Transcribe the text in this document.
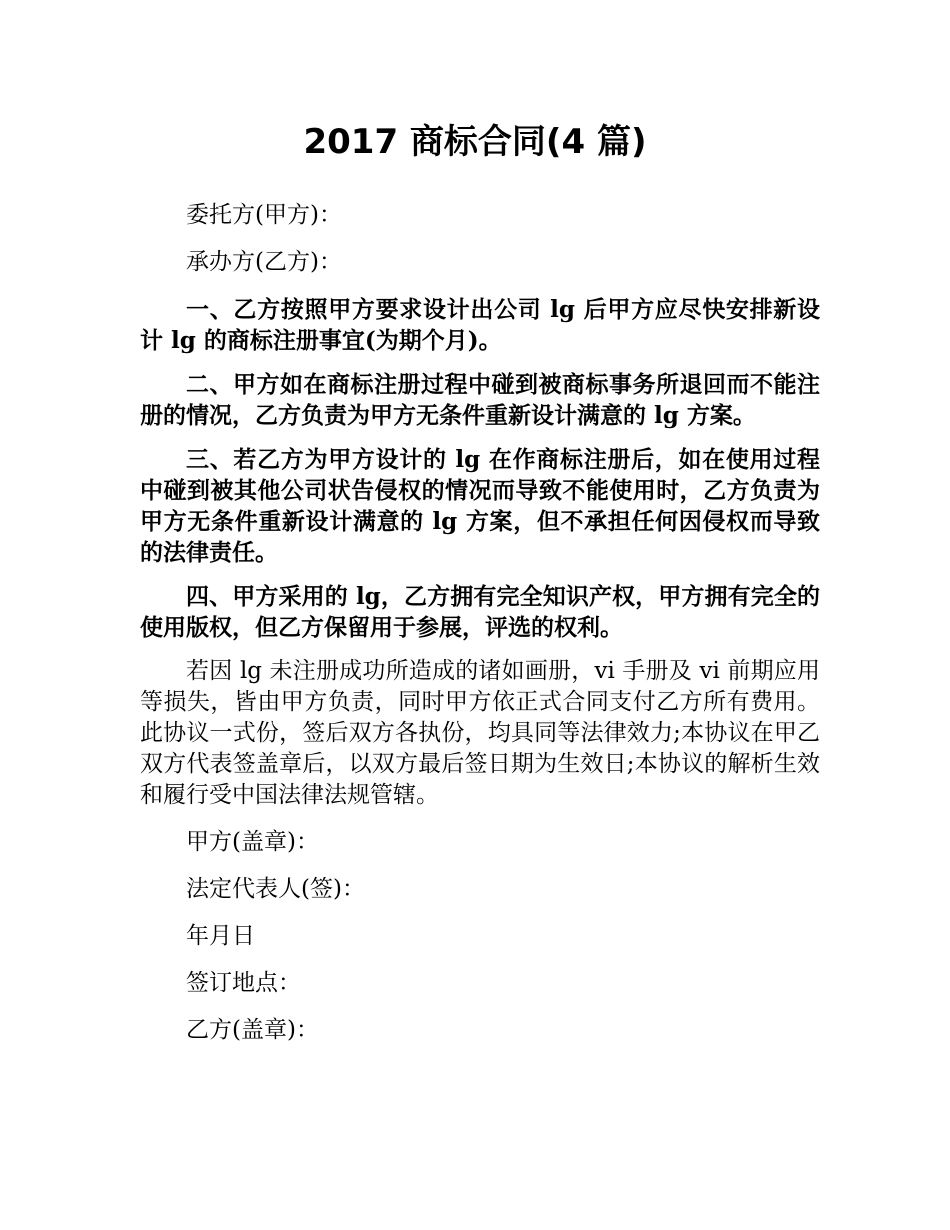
2017 商标合同(4 篇)

委托方(甲方)：

承办方(乙方)：

一、乙方按照甲方要求设计出公司 lg 后甲方应尽快安排新设计 lg 的商标注册事宜(为期个月)。

二、甲方如在商标注册过程中碰到被商标事务所退回而不能注册的情况，乙方负责为甲方无条件重新设计满意的 lg 方案。

三、若乙方为甲方设计的 lg 在作商标注册后，如在使用过程中碰到被其他公司状告侵权的情况而导致不能使用时，乙方负责为甲方无条件重新设计满意的 lg 方案，但不承担任何因侵权而导致的法律责任。

四、甲方采用的 lg，乙方拥有完全知识产权，甲方拥有完全的使用版权，但乙方保留用于参展，评选的权利。

若因 lg 未注册成功所造成的诸如画册，vi 手册及 vi 前期应用等损失，皆由甲方负责，同时甲方依正式合同支付乙方所有费用。此协议一式份，签后双方各执份，均具同等法律效力;本协议在甲乙双方代表签盖章后，以双方最后签日期为生效日;本协议的解析生效和履行受中国法律法规管辖。

甲方(盖章)：

法定代表人(签)：

年月日

签订地点：

乙方(盖章)：
